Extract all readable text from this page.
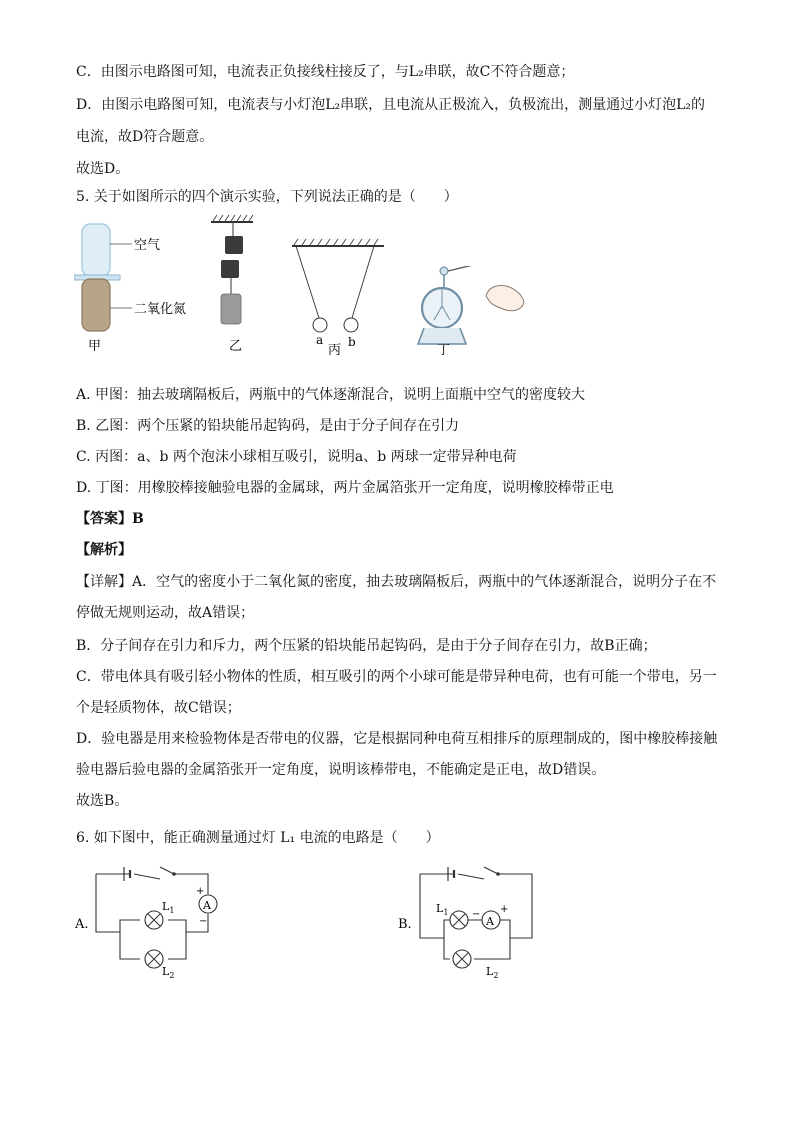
C．由图示电路图可知，电流表正负接线柱接反了，与L₂串联，故C不符合题意；
D．由图示电路图可知，电流表与小灯泡L₂串联，且电流从正极流入，负极流出，测量通过小灯泡L₂的
电流，故D符合题意。
故选D。
5. 关于如图所示的四个演示实验，下列说法正确的是（　　）
空气
二氧化氮
甲	乙	a b
丙	丁
A. 甲图：抽去玻璃隔板后，两瓶中的气体逐渐混合，说明上面瓶中空气的密度较大
B. 乙图：两个压紧的铅块能吊起钩码，是由于分子间存在引力
C. 丙图：a、b 两个泡沫小球相互吸引，说明a、b 两球一定带异种电荷
D. 丁图：用橡胶棒接触验电器的金属球，两片金属箔张开一定角度，说明橡胶棒带正电
【答案】B
【解析】
【详解】A．空气的密度小于二氧化氮的密度，抽去玻璃隔板后，两瓶中的气体逐渐混合，说明分子在不
停做无规则运动，故A错误；
B．分子间存在引力和斥力，两个压紧的铅块能吊起钩码，是由于分子间存在引力，故B正确；
C．带电体具有吸引轻小物体的性质，相互吸引的两个小球可能是带异种电荷，也有可能一个带电，另一
个是轻质物体，故C错误；
D．验电器是用来检验物体是否带电的仪器，它是根据同种电荷互相排斥的原理制成的，图中橡胶棒接触
验电器后验电器的金属箔张开一定角度，说明该棒带电，不能确定是正电，故D错误。
故选B。
6. 如下图中，能正确测量通过灯 L₁ 电流的电路是（　　）
A.
A
+
−
$L_1$
$L_2$
B.	A
− +
$L_1$
$L_2$
